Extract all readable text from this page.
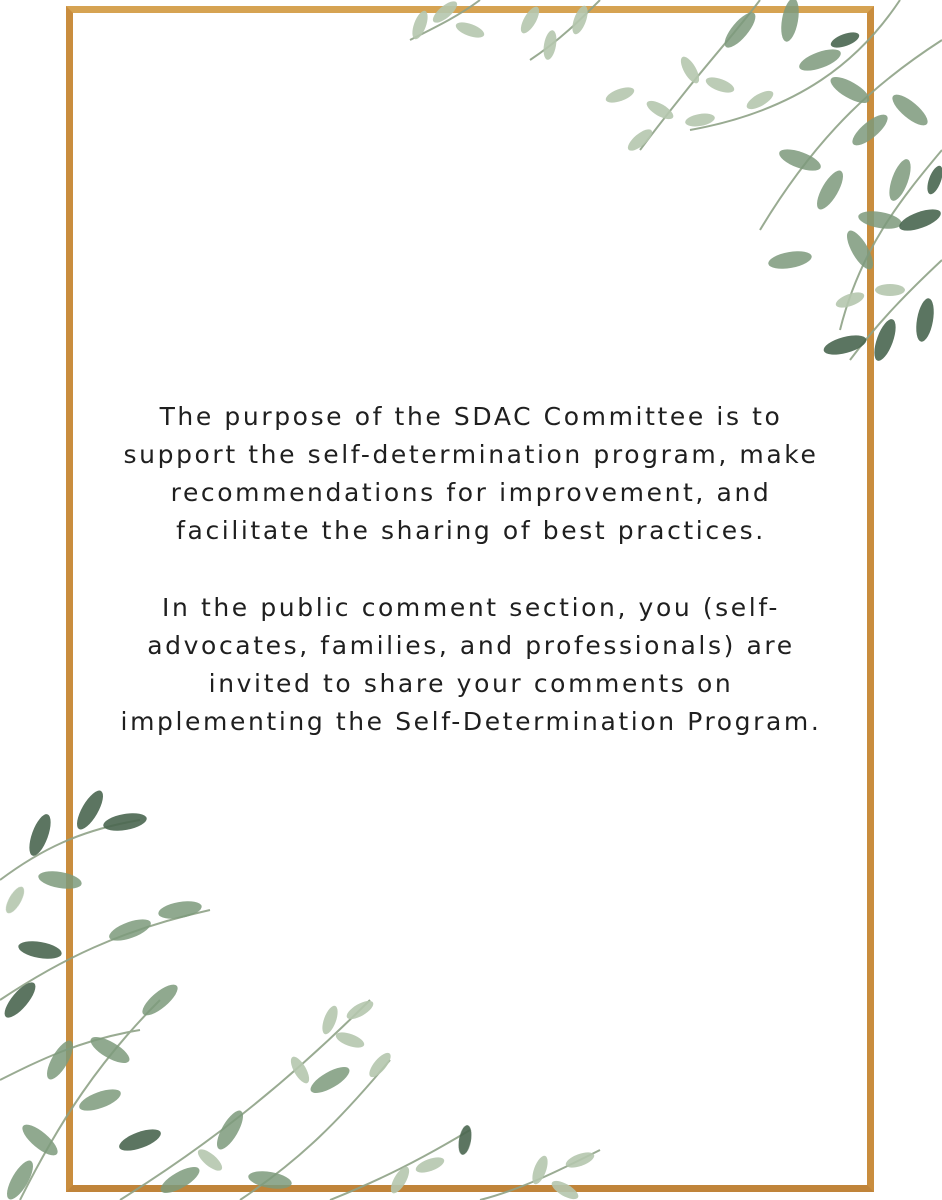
The purpose of the SDAC Committee is to
support the self-determination program, make
recommendations for improvement, and
facilitate the sharing of best practices.

In the public comment section, you (self-
advocates, families, and professionals) are
invited to share your comments on
implementing the Self-Determination Program.
